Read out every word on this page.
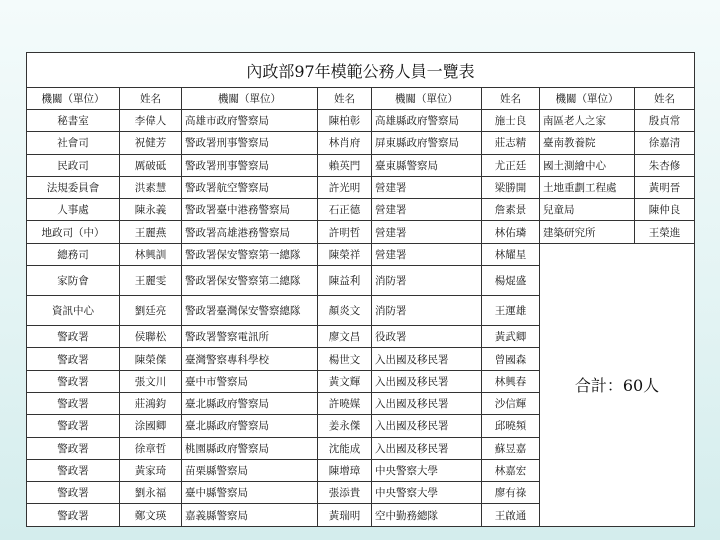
內政部97年模範公務人員一覽表							
機關（單位）	姓名	機關（單位）	姓名	機關（單位）	姓名	機關（單位）	姓名
秘書室	李偉人	高雄市政府警察局	陳柏彰	高雄縣政府警察局	施士良	南區老人之家	殷貞常
社會司	祝健芳	警政署刑事警察局	林肖府	屏東縣政府警察局	莊志精	臺南教養院	徐嘉清
民政司	厲破砥	警政署刑事警察局	賴英門	臺東縣警察局	尤正廷	國土測繪中心	朱杏修
法規委員會	洪素慧	警政署航空警察局	許光明	營建署	梁勝開	土地重劃工程處	黃明晉
人事處	陳永義	警政署臺中港務警察局	石正德	營建署	詹素景	兒童局	陳仲良
地政司（中）	王麗燕	警政署高雄港務警察局	許明哲	營建署	林佑璘	建築研究所	王榮進
總務司	林興訓	警政署保安警察第一總隊	陳榮祥	營建署	林耀星	合計：60人	
家防會	王麗雯	警政署保安警察第二總隊	陳益利	消防署	楊焜盛		
資訊中心	劉廷亮	警政署臺灣保安警察總隊	顏炎文	消防署	王運雄		
警政署	侯聯松	警政署警察電訊所	廖文昌	役政署	黃武卿		
警政署	陳榮傑	臺灣警察專科學校	楊世文	入出國及移民署	曾國森		
警政署	張文川	臺中市警察局	黃文輝	入出國及移民署	林興春		
警政署	莊鴻鈞	臺北縣政府警察局	許曉媒	入出國及移民署	沙信輝		
警政署	涂國卿	臺北縣政府警察局	姜永傑	入出國及移民署	邱曉頻		
警政署	徐章哲	桃園縣政府警察局	沈能成	入出國及移民署	蘇昱嘉		
警政署	黃家琦	苗栗縣警察局	陳增璋	中央警察大學	林嘉宏		
警政署	劉永福	臺中縣警察局	張添貴	中央警察大學	廖有祿		
警政署	鄭文瑛	嘉義縣警察局	黃瑞明	空中勤務總隊	王啟通		
